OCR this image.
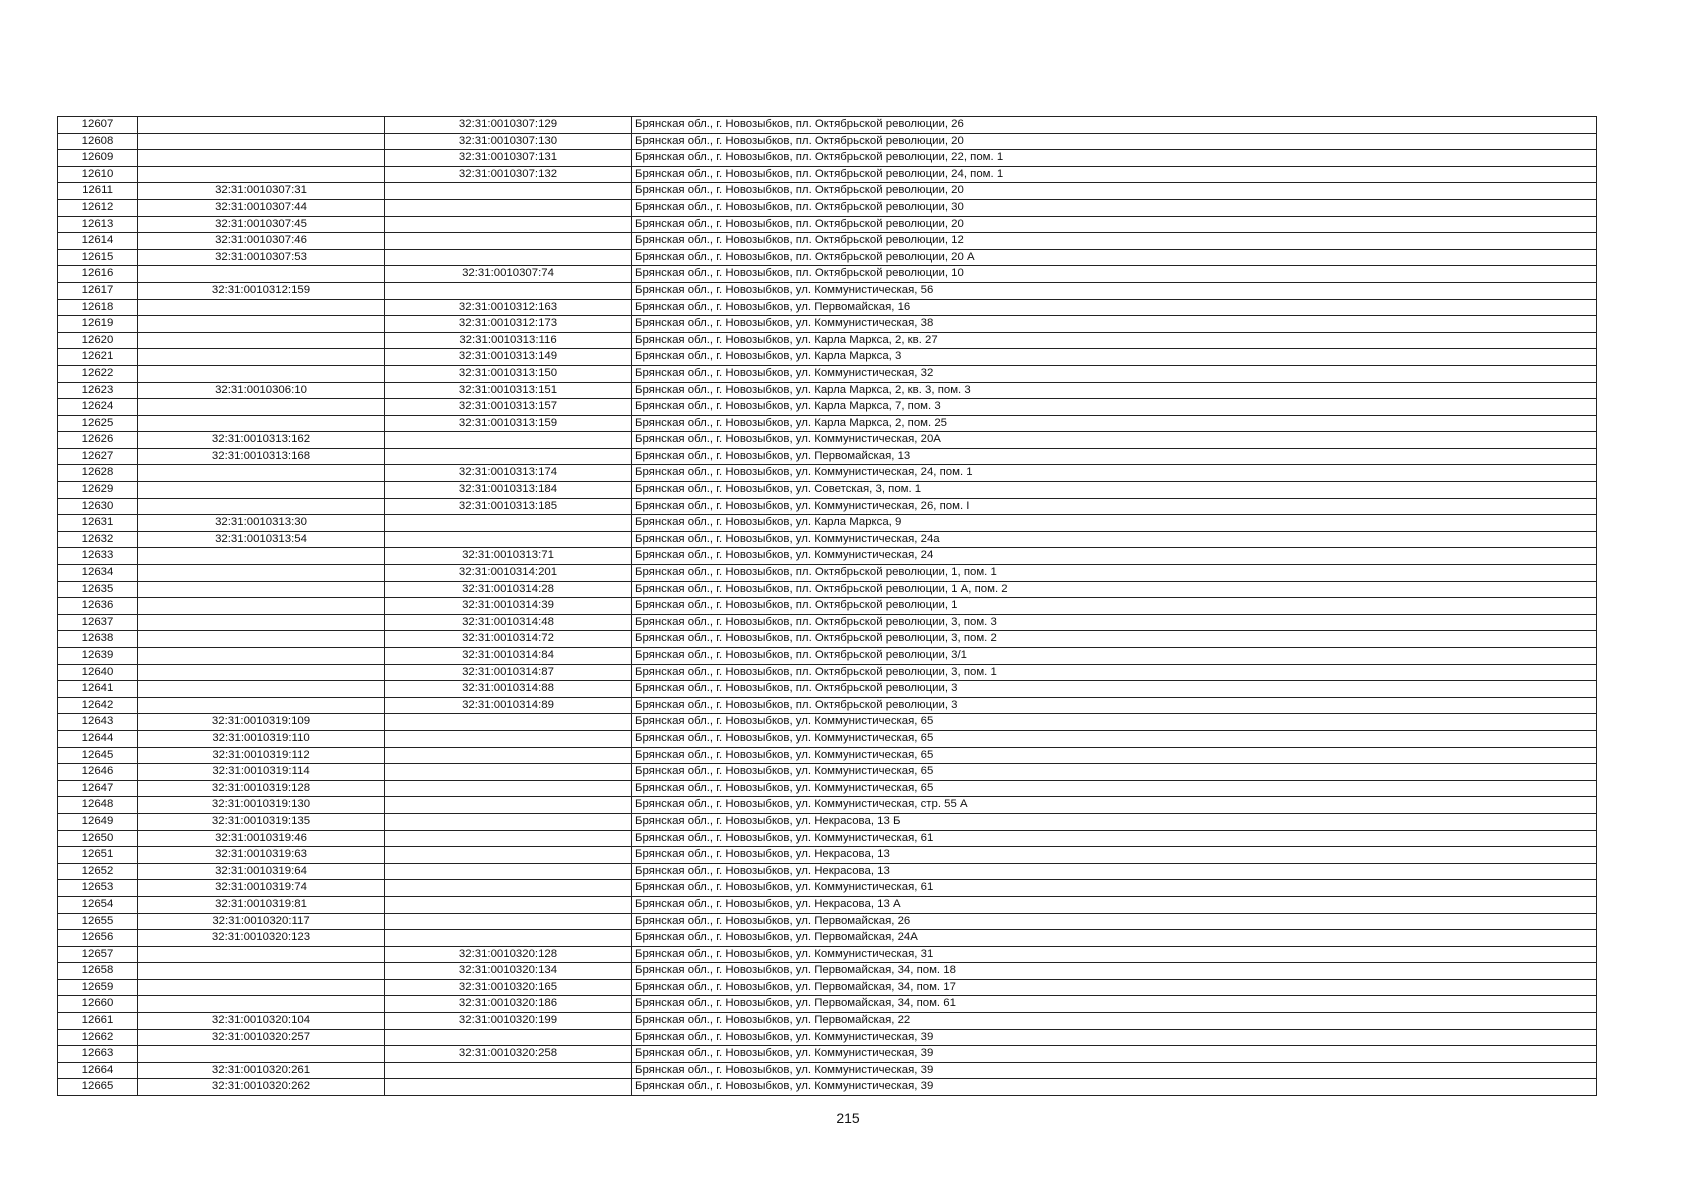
12607		32:31:0010307:129	Брянская обл., г. Новозыбков, пл. Октябрьской революции, 26
12608		32:31:0010307:130	Брянская обл., г. Новозыбков, пл. Октябрьской революции, 20
12609		32:31:0010307:131	Брянская обл., г. Новозыбков, пл. Октябрьской революции, 22, пом. 1
12610		32:31:0010307:132	Брянская обл., г. Новозыбков, пл. Октябрьской революции, 24, пом. 1
12611	32:31:0010307:31		Брянская обл., г. Новозыбков, пл. Октябрьской революции, 20
12612	32:31:0010307:44		Брянская обл., г. Новозыбков, пл. Октябрьской революции, 30
12613	32:31:0010307:45		Брянская обл., г. Новозыбков, пл. Октябрьской революции, 20
12614	32:31:0010307:46		Брянская обл., г. Новозыбков, пл. Октябрьской революции, 12
12615	32:31:0010307:53		Брянская обл., г. Новозыбков, пл. Октябрьской революции, 20 А
12616		32:31:0010307:74	Брянская обл., г. Новозыбков, пл. Октябрьской революции, 10
12617	32:31:0010312:159		Брянская обл., г. Новозыбков, ул. Коммунистическая, 56
12618		32:31:0010312:163	Брянская обл., г. Новозыбков, ул. Первомайская, 16
12619		32:31:0010312:173	Брянская обл., г. Новозыбков, ул. Коммунистическая, 38
12620		32:31:0010313:116	Брянская обл., г. Новозыбков, ул. Карла Маркса, 2, кв. 27
12621		32:31:0010313:149	Брянская обл., г. Новозыбков, ул. Карла Маркса, 3
12622		32:31:0010313:150	Брянская обл., г. Новозыбков, ул. Коммунистическая, 32
12623	32:31:0010306:10	32:31:0010313:151	Брянская обл., г. Новозыбков, ул. Карла Маркса, 2, кв. 3, пом. 3
12624		32:31:0010313:157	Брянская обл., г. Новозыбков, ул. Карла Маркса, 7, пом. 3
12625		32:31:0010313:159	Брянская обл., г. Новозыбков, ул. Карла Маркса, 2, пом. 25
12626	32:31:0010313:162		Брянская обл., г. Новозыбков, ул. Коммунистическая, 20А
12627	32:31:0010313:168		Брянская обл., г. Новозыбков, ул. Первомайская, 13
12628		32:31:0010313:174	Брянская обл., г. Новозыбков, ул. Коммунистическая, 24, пом. 1
12629		32:31:0010313:184	Брянская обл., г. Новозыбков, ул. Советская, 3, пом. 1
12630		32:31:0010313:185	Брянская обл., г. Новозыбков, ул. Коммунистическая, 26, пом. I
12631	32:31:0010313:30		Брянская обл., г. Новозыбков, ул. Карла Маркса, 9
12632	32:31:0010313:54		Брянская обл., г. Новозыбков, ул. Коммунистическая, 24а
12633		32:31:0010313:71	Брянская обл., г. Новозыбков, ул. Коммунистическая, 24
12634		32:31:0010314:201	Брянская обл., г. Новозыбков, пл. Октябрьской революции, 1, пом. 1
12635		32:31:0010314:28	Брянская обл., г. Новозыбков, пл. Октябрьской революции, 1 А, пом. 2
12636		32:31:0010314:39	Брянская обл., г. Новозыбков, пл. Октябрьской революции, 1
12637		32:31:0010314:48	Брянская обл., г. Новозыбков, пл. Октябрьской революции, 3, пом. 3
12638		32:31:0010314:72	Брянская обл., г. Новозыбков, пл. Октябрьской революции, 3, пом. 2
12639		32:31:0010314:84	Брянская обл., г. Новозыбков, пл. Октябрьской революции, 3/1
12640		32:31:0010314:87	Брянская обл., г. Новозыбков, пл. Октябрьской революции, 3, пом. 1
12641		32:31:0010314:88	Брянская обл., г. Новозыбков, пл. Октябрьской революции, 3
12642		32:31:0010314:89	Брянская обл., г. Новозыбков, пл. Октябрьской революции, 3
12643	32:31:0010319:109		Брянская обл., г. Новозыбков, ул. Коммунистическая, 65
12644	32:31:0010319:110		Брянская обл., г. Новозыбков, ул. Коммунистическая, 65
12645	32:31:0010319:112		Брянская обл., г. Новозыбков, ул. Коммунистическая, 65
12646	32:31:0010319:114		Брянская обл., г. Новозыбков, ул. Коммунистическая, 65
12647	32:31:0010319:128		Брянская обл., г. Новозыбков, ул. Коммунистическая, 65
12648	32:31:0010319:130		Брянская обл., г. Новозыбков, ул. Коммунистическая, стр. 55 А
12649	32:31:0010319:135		Брянская обл., г. Новозыбков, ул. Некрасова, 13 Б
12650	32:31:0010319:46		Брянская обл., г. Новозыбков, ул. Коммунистическая, 61
12651	32:31:0010319:63		Брянская обл., г. Новозыбков, ул. Некрасова, 13
12652	32:31:0010319:64		Брянская обл., г. Новозыбков, ул. Некрасова, 13
12653	32:31:0010319:74		Брянская обл., г. Новозыбков, ул. Коммунистическая, 61
12654	32:31:0010319:81		Брянская обл., г. Новозыбков, ул. Некрасова, 13 А
12655	32:31:0010320:117		Брянская обл., г. Новозыбков, ул. Первомайская, 26
12656	32:31:0010320:123		Брянская обл., г. Новозыбков, ул. Первомайская, 24А
12657		32:31:0010320:128	Брянская обл., г. Новозыбков, ул. Коммунистическая, 31
12658		32:31:0010320:134	Брянская обл., г. Новозыбков, ул. Первомайская, 34, пом. 18
12659		32:31:0010320:165	Брянская обл., г. Новозыбков, ул. Первомайская, 34, пом. 17
12660		32:31:0010320:186	Брянская обл., г. Новозыбков, ул. Первомайская, 34, пом. 61
12661	32:31:0010320:104	32:31:0010320:199	Брянская обл., г. Новозыбков, ул. Первомайская, 22
12662	32:31:0010320:257		Брянская обл., г. Новозыбков, ул. Коммунистическая, 39
12663		32:31:0010320:258	Брянская обл., г. Новозыбков, ул. Коммунистическая, 39
12664	32:31:0010320:261		Брянская обл., г. Новозыбков, ул. Коммунистическая, 39
12665	32:31:0010320:262		Брянская обл., г. Новозыбков, ул. Коммунистическая, 39
215
